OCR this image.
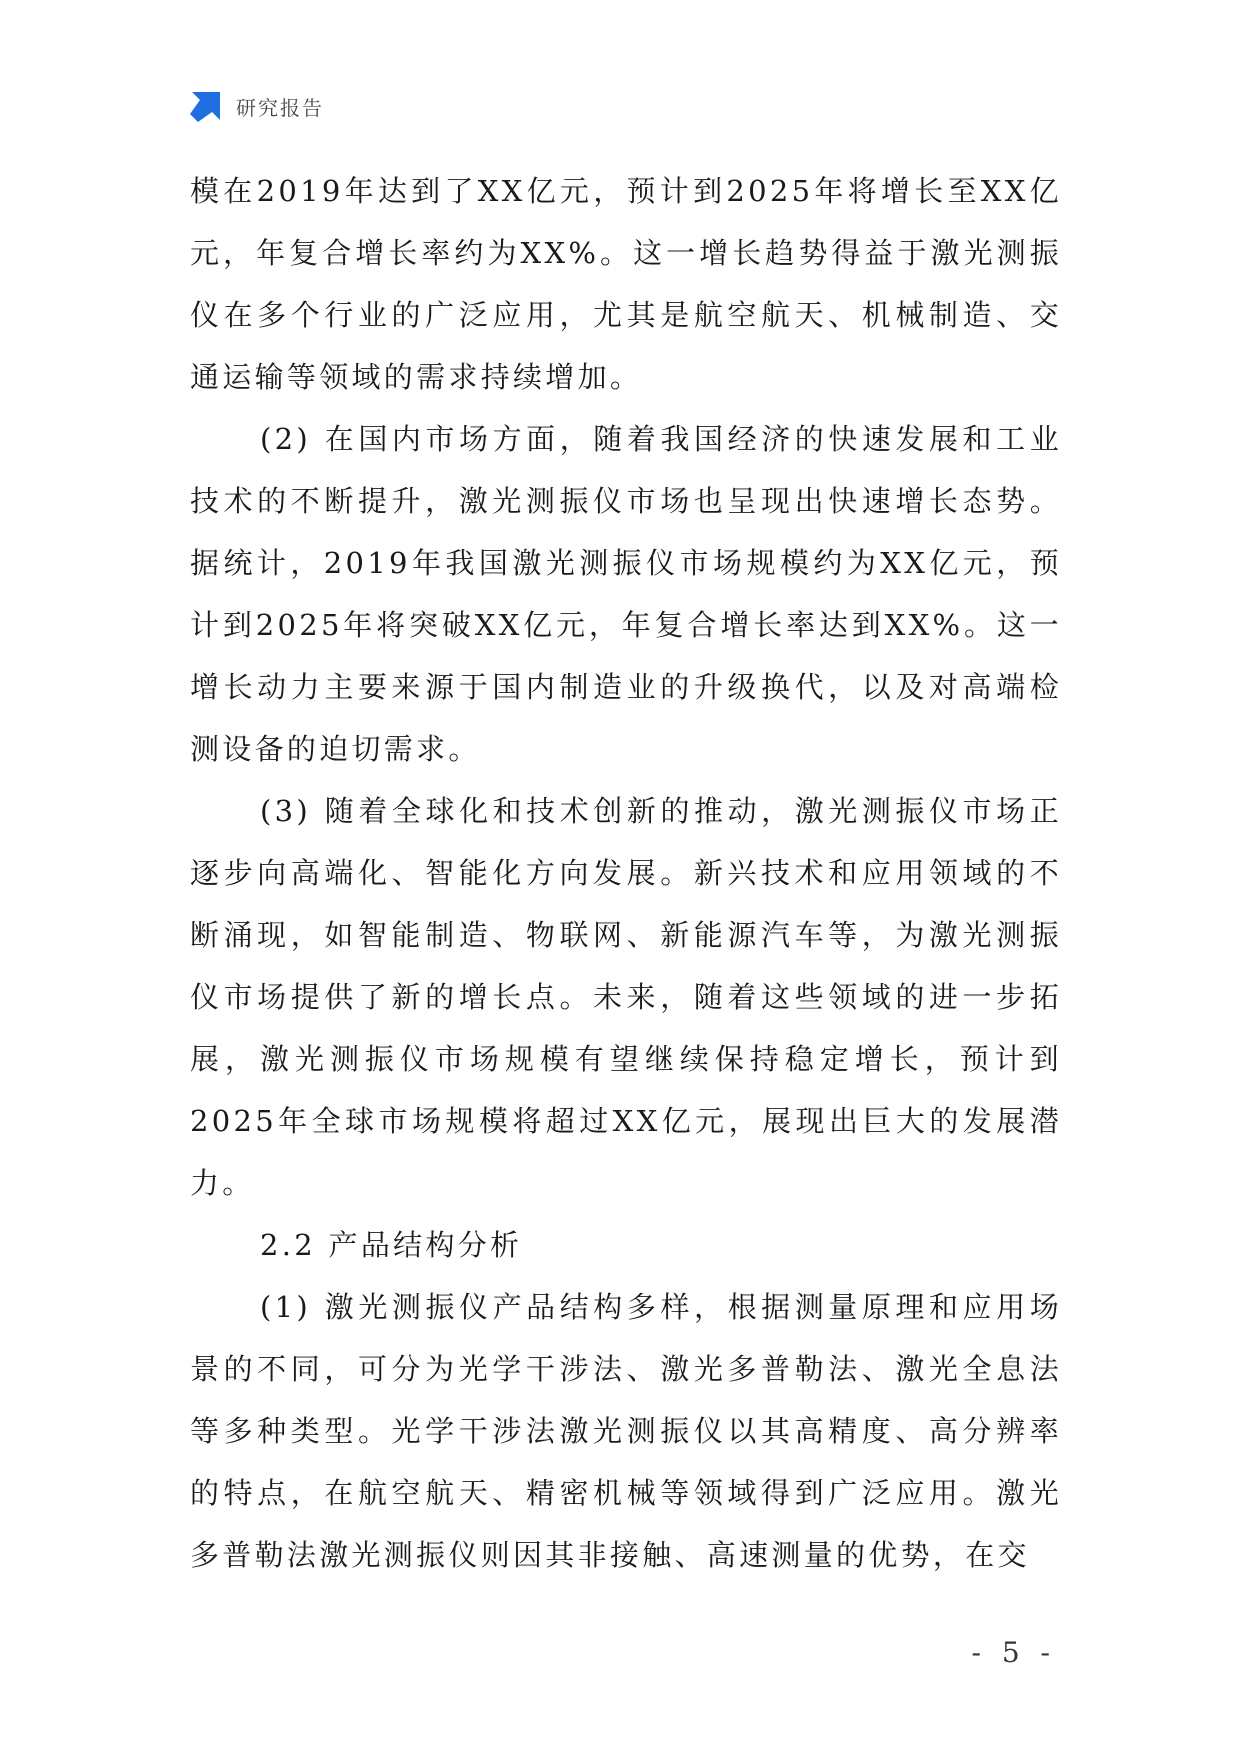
研究报告

模在2019年达到了XX亿元，预计到2025年将增长至XX亿元，年复合增长率约为XX%。这一增长趋势得益于激光测振仪在多个行业的广泛应用，尤其是航空航天、机械制造、交通运输等领域的需求持续增加。

(2) 在国内市场方面，随着我国经济的快速发展和工业技术的不断提升，激光测振仪市场也呈现出快速增长态势。据统计，2019年我国激光测振仪市场规模约为XX亿元，预计到2025年将突破XX亿元，年复合增长率达到XX%。这一增长动力主要来源于国内制造业的升级换代，以及对高端检测设备的迫切需求。

(3) 随着全球化和技术创新的推动，激光测振仪市场正逐步向高端化、智能化方向发展。新兴技术和应用领域的不断涌现，如智能制造、物联网、新能源汽车等，为激光测振仪市场提供了新的增长点。未来，随着这些领域的进一步拓展，激光测振仪市场规模有望继续保持稳定增长，预计到2025年全球市场规模将超过XX亿元，展现出巨大的发展潜力。

2.2 产品结构分析

(1) 激光测振仪产品结构多样，根据测量原理和应用场景的不同，可分为光学干涉法、激光多普勒法、激光全息法等多种类型。光学干涉法激光测振仪以其高精度、高分辨率的特点，在航空航天、精密机械等领域得到广泛应用。激光多普勒法激光测振仪则因其非接触、高速测量的优势，在交

- 5 -
